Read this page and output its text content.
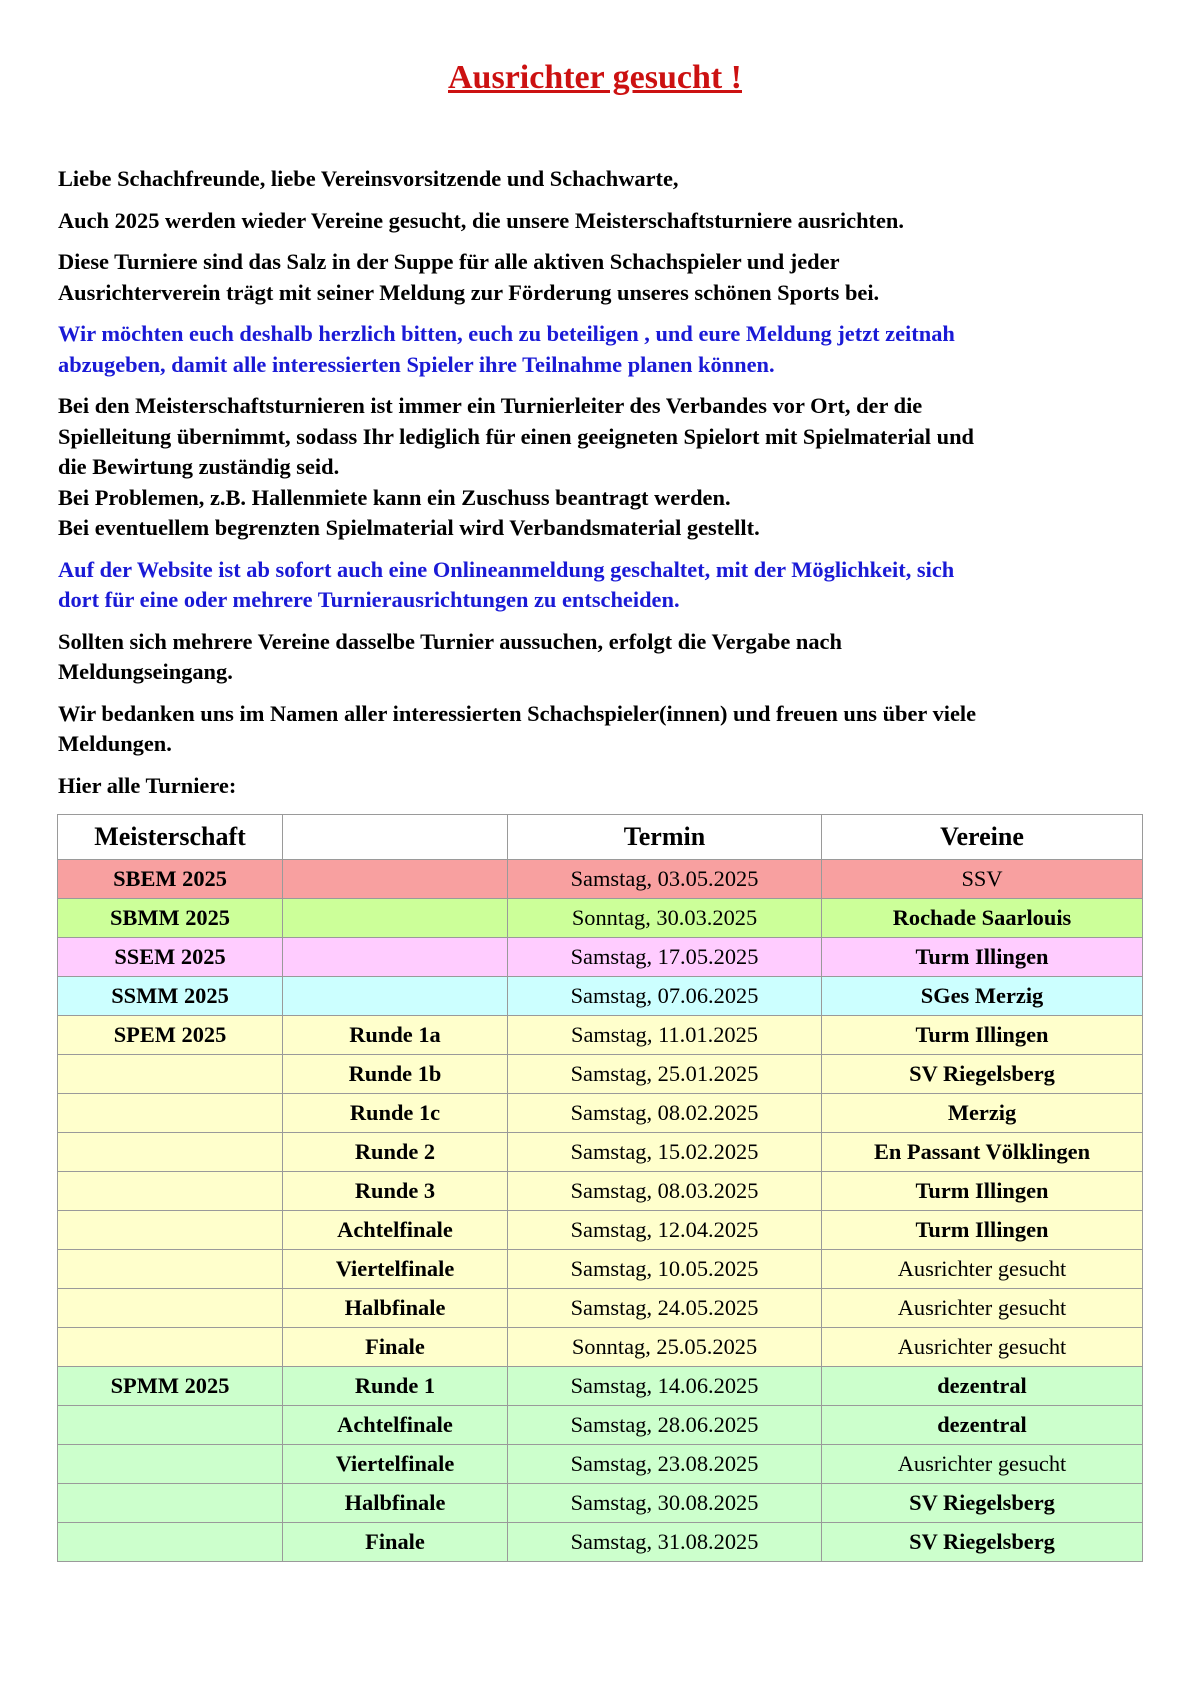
Ausrichter gesucht !

Liebe Schachfreunde, liebe Vereinsvorsitzende und Schachwarte,

Auch 2025 werden wieder Vereine gesucht, die unsere Meisterschaftsturniere ausrichten.

Diese Turniere sind das Salz in der Suppe für alle aktiven Schachspieler und jeder
Ausrichterverein trägt mit seiner Meldung zur Förderung unseres schönen Sports bei.

Wir möchten euch deshalb herzlich bitten, euch zu beteiligen , und eure Meldung jetzt zeitnah
abzugeben, damit alle interessierten Spieler ihre Teilnahme planen können.

Bei den Meisterschaftsturnieren ist immer ein Turnierleiter des Verbandes vor Ort, der die
Spielleitung übernimmt, sodass Ihr lediglich für einen geeigneten Spielort mit Spielmaterial und
die Bewirtung zuständig seid.
Bei Problemen, z.B. Hallenmiete kann ein Zuschuss beantragt werden.
Bei eventuellem begrenzten Spielmaterial wird Verbandsmaterial gestellt.

Auf der Website ist ab sofort auch eine Onlineanmeldung geschaltet, mit der Möglichkeit, sich
dort für eine oder mehrere Turnierausrichtungen zu entscheiden.

Sollten sich mehrere Vereine dasselbe Turnier aussuchen, erfolgt die Vergabe nach
Meldungseingang.

Wir bedanken uns im Namen aller interessierten Schachspieler(innen) und freuen uns über viele
Meldungen.

Hier alle Turniere:

Meisterschaft		Termin	Vereine
SBEM 2025		Samstag, 03.05.2025	SSV
SBMM 2025		Sonntag, 30.03.2025	Rochade Saarlouis
SSEM 2025		Samstag, 17.05.2025	Turm Illingen
SSMM 2025		Samstag, 07.06.2025	SGes Merzig
SPEM 2025	Runde 1a	Samstag, 11.01.2025	Turm Illingen
	Runde 1b	Samstag, 25.01.2025	SV Riegelsberg
	Runde 1c	Samstag, 08.02.2025	Merzig
	Runde 2	Samstag, 15.02.2025	En Passant Völklingen
	Runde 3	Samstag, 08.03.2025	Turm Illingen
	Achtelfinale	Samstag, 12.04.2025	Turm Illingen
	Viertelfinale	Samstag, 10.05.2025	Ausrichter gesucht
	Halbfinale	Samstag, 24.05.2025	Ausrichter gesucht
	Finale	Sonntag, 25.05.2025	Ausrichter gesucht
SPMM 2025	Runde 1	Samstag, 14.06.2025	dezentral
	Achtelfinale	Samstag, 28.06.2025	dezentral
	Viertelfinale	Samstag, 23.08.2025	Ausrichter gesucht
	Halbfinale	Samstag, 30.08.2025	SV Riegelsberg
	Finale	Samstag, 31.08.2025	SV Riegelsberg
